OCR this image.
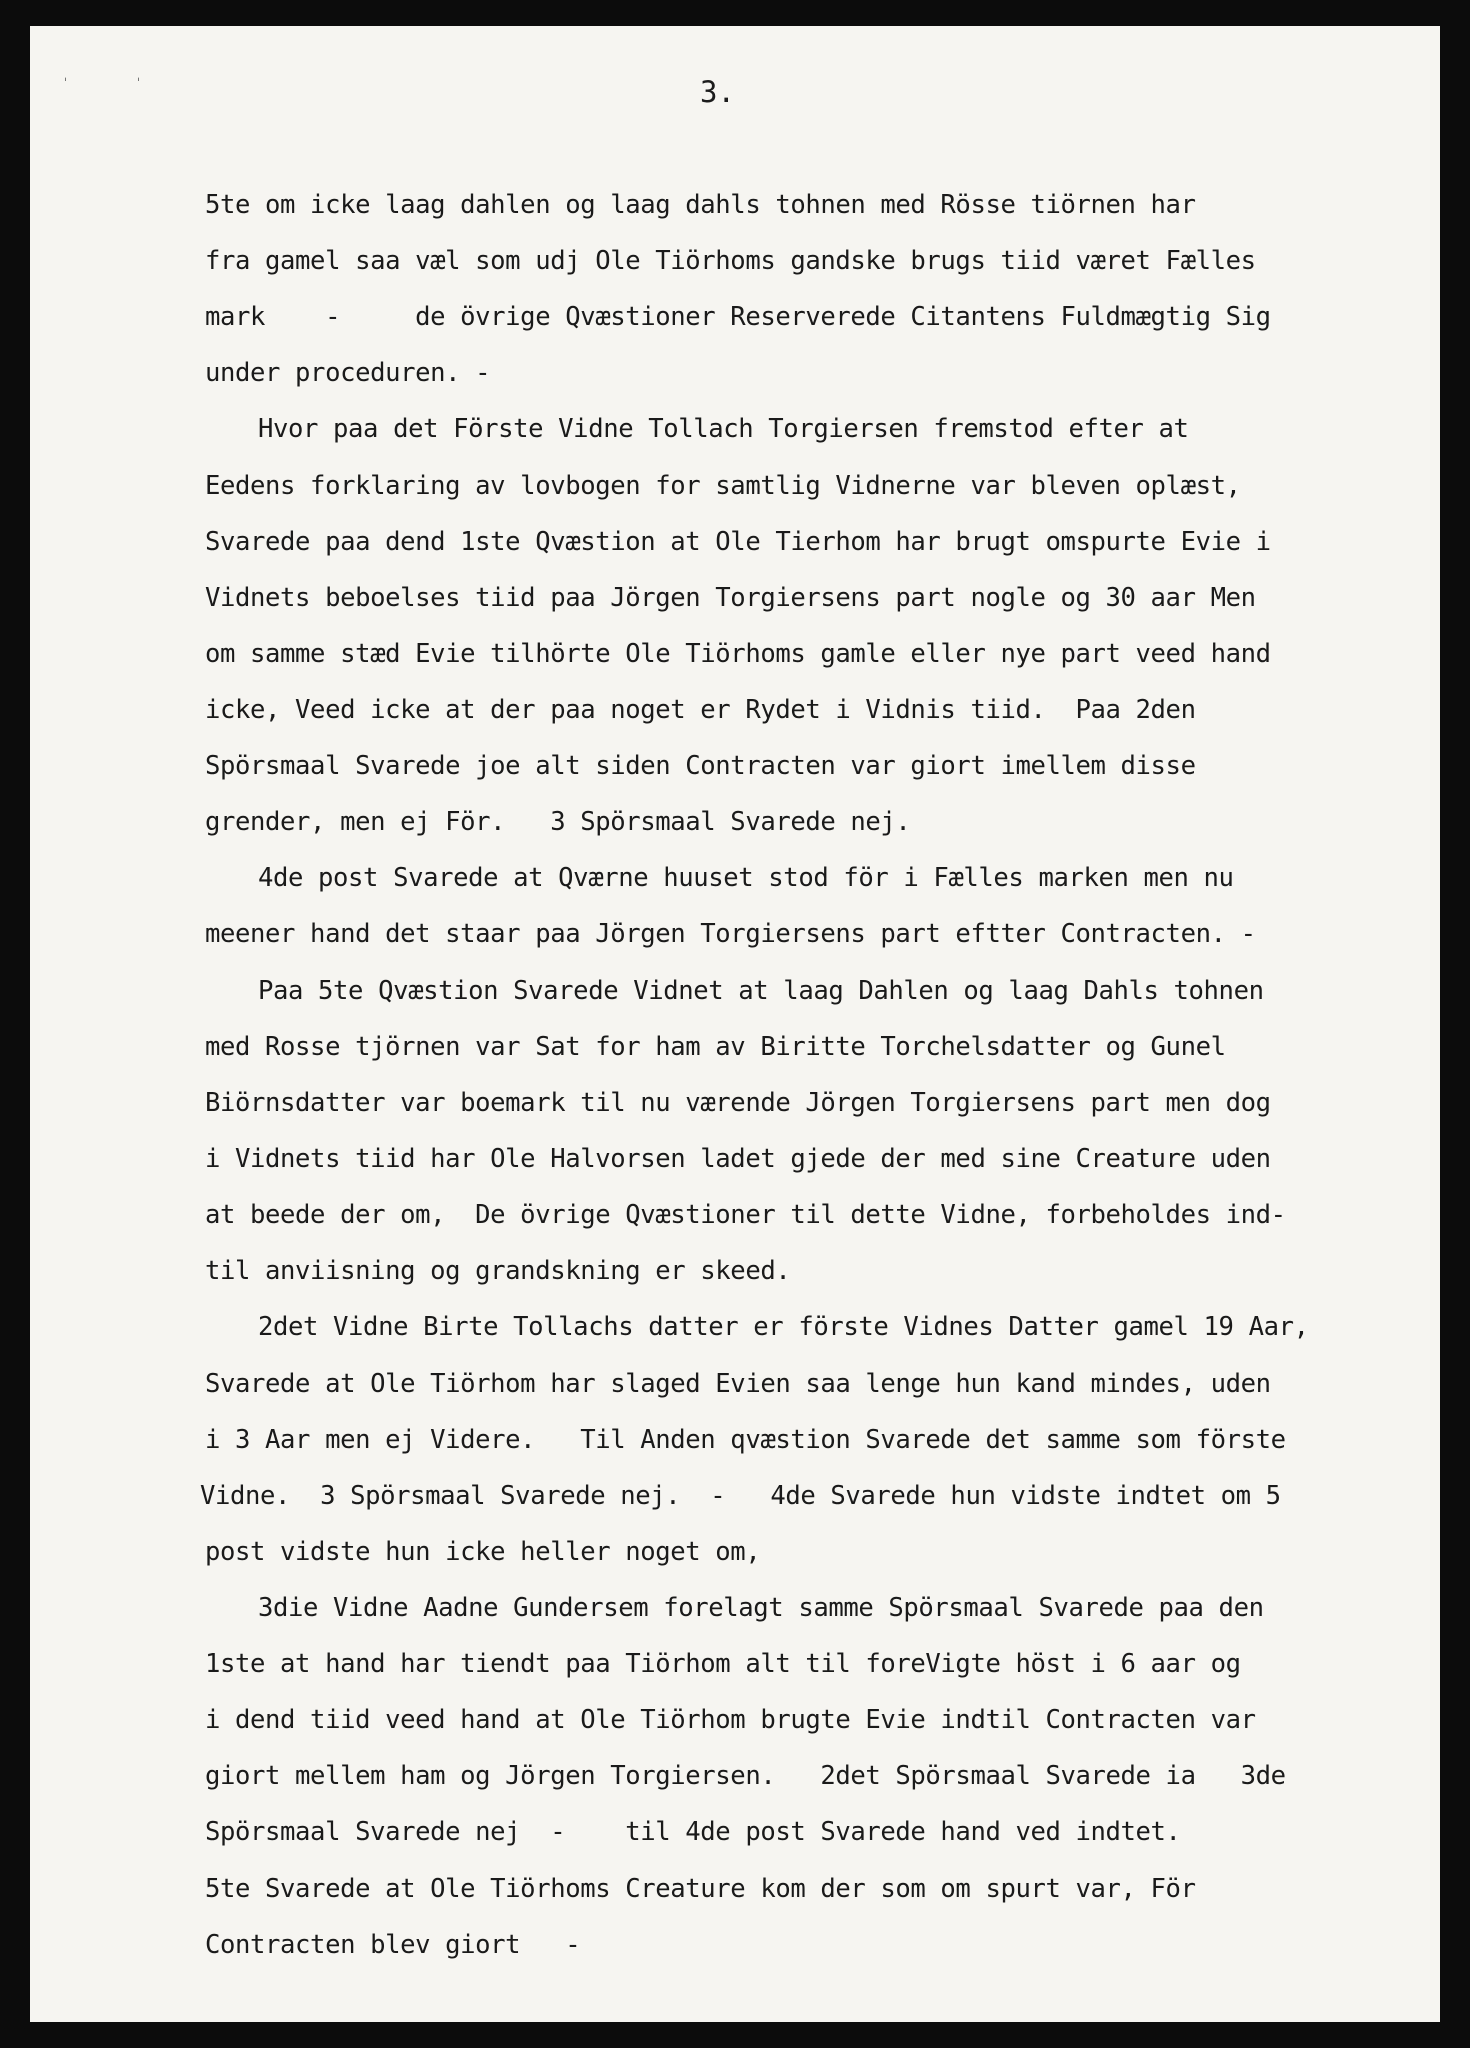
ˈ	ˈ	3.
5te om icke laag dahlen og laag dahls tohnen med Rösse tiörnen har
fra gamel saa væl som udj Ole Tiörhoms gandske brugs tiid været Fælles
mark    -     de övrige Qvæstioner Reserverede Citantens Fuldmægtig Sig
under proceduren. -
Hvor paa det Förste Vidne Tollach Torgiersen fremstod efter at
Eedens forklaring av lovbogen for samtlig Vidnerne var bleven oplæst,
Svarede paa dend 1ste Qvæstion at Ole Tierhom har brugt omspurte Evie i
Vidnets beboelses tiid paa Jörgen Torgiersens part nogle og 30 aar Men
om samme stæd Evie tilhörte Ole Tiörhoms gamle eller nye part veed hand
icke, Veed icke at der paa noget er Rydet i Vidnis tiid.  Paa 2den
Spörsmaal Svarede joe alt siden Contracten var giort imellem disse
grender, men ej För.   3 Spörsmaal Svarede nej.
4de post Svarede at Qværne huuset stod för i Fælles marken men nu
meener hand det staar paa Jörgen Torgiersens part eftter Contracten. -
Paa 5te Qvæstion Svarede Vidnet at laag Dahlen og laag Dahls tohnen
med Rosse tjörnen var Sat for ham av Biritte Torchelsdatter og Gunel
Biörnsdatter var boemark til nu værende Jörgen Torgiersens part men dog
i Vidnets tiid har Ole Halvorsen ladet gjede der med sine Creature uden
at beede der om,  De övrige Qvæstioner til dette Vidne, forbeholdes ind-
til anviisning og grandskning er skeed.
2det Vidne Birte Tollachs datter er förste Vidnes Datter gamel 19 Aar,
Svarede at Ole Tiörhom har slaged Evien saa lenge hun kand mindes, uden
i 3 Aar men ej Videre.   Til Anden qvæstion Svarede det samme som förste
Vidne.  3 Spörsmaal Svarede nej.  -   4de Svarede hun vidste indtet om 5
post vidste hun icke heller noget om,
3die Vidne Aadne Gundersem forelagt samme Spörsmaal Svarede paa den
1ste at hand har tiendt paa Tiörhom alt til foreVigte höst i 6 aar og
i dend tiid veed hand at Ole Tiörhom brugte Evie indtil Contracten var
giort mellem ham og Jörgen Torgiersen.   2det Spörsmaal Svarede ia   3de
Spörsmaal Svarede nej  -    til 4de post Svarede hand ved indtet.
5te Svarede at Ole Tiörhoms Creature kom der som om spurt var, För
Contracten blev giort   -
